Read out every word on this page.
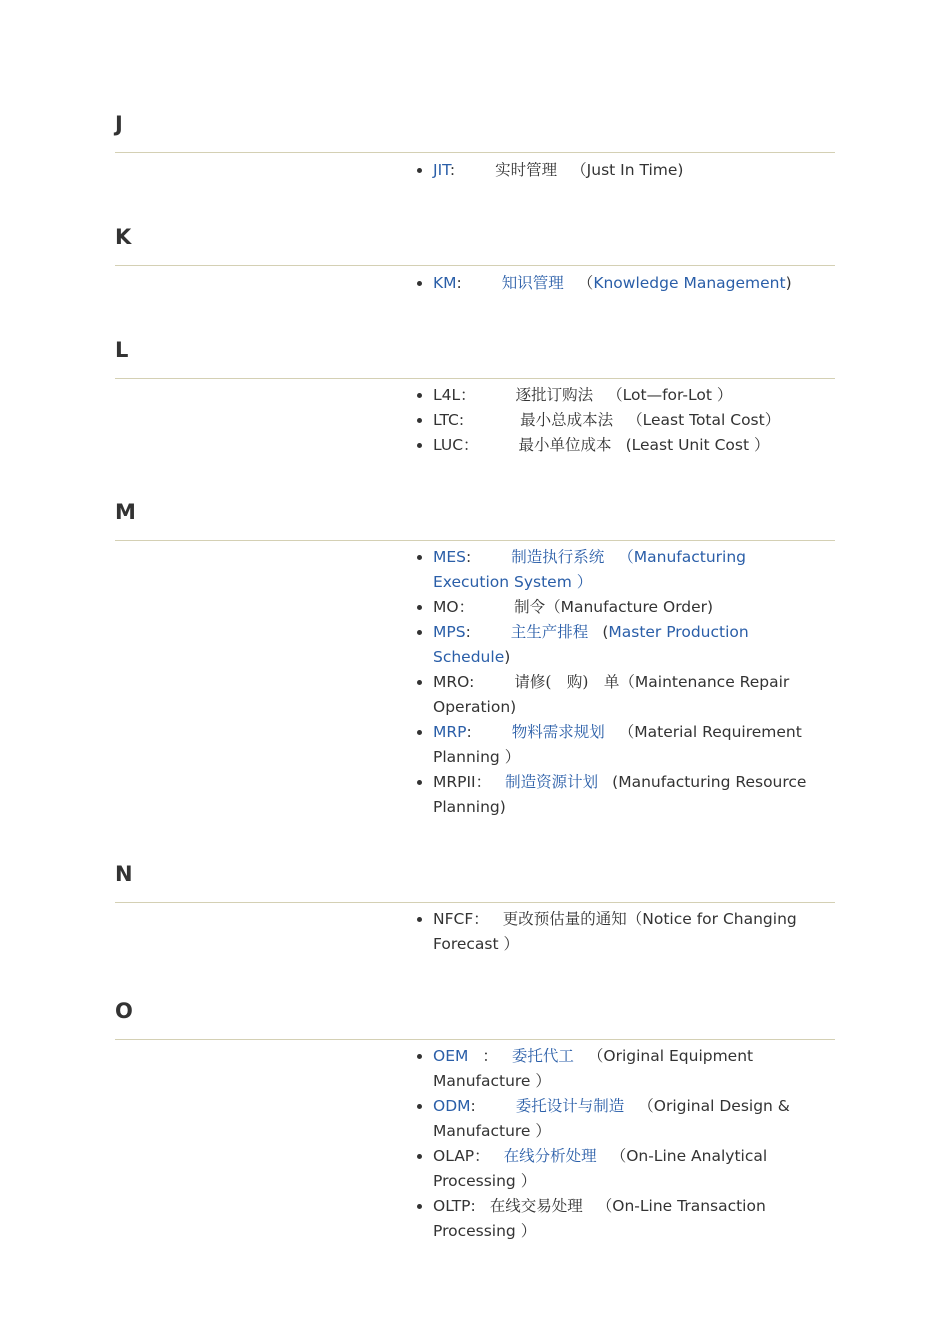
J
JIT:	实时管理 （Just In Time)
K
KM:	知识管理 （Knowledge Management)
L
L4L：	逐批订购法 （Lot—for-Lot ）
LTC:	最小总成本法 （Least Total Cost）
LUC：	最小单位成本 (Least Unit Cost ）
M
MES:	制造执行系统 （Manufacturing Execution System ）
MO：	制令（Manufacture Order)
MPS:	主生产排程 (Master Production Schedule)
MRO:	请修(　购)　单（Maintenance Repair Operation)
MRP:	物料需求规划 （Material Requirement Planning ）
MRPII： 制造资源计划 (Manufacturing Resource Planning)
N
NFCF： 更改预估量的通知（Notice for Changing Forecast ）
O
OEM ： 委托代工 （Original Equipment Manufacture ）
ODM:	委托设计与制造 （Original Design & Manufacture ）
OLAP： 在线分析处理 （On-Line Analytical Processing ）
OLTP: 在线交易处理 （On-Line Transaction Processing ）
